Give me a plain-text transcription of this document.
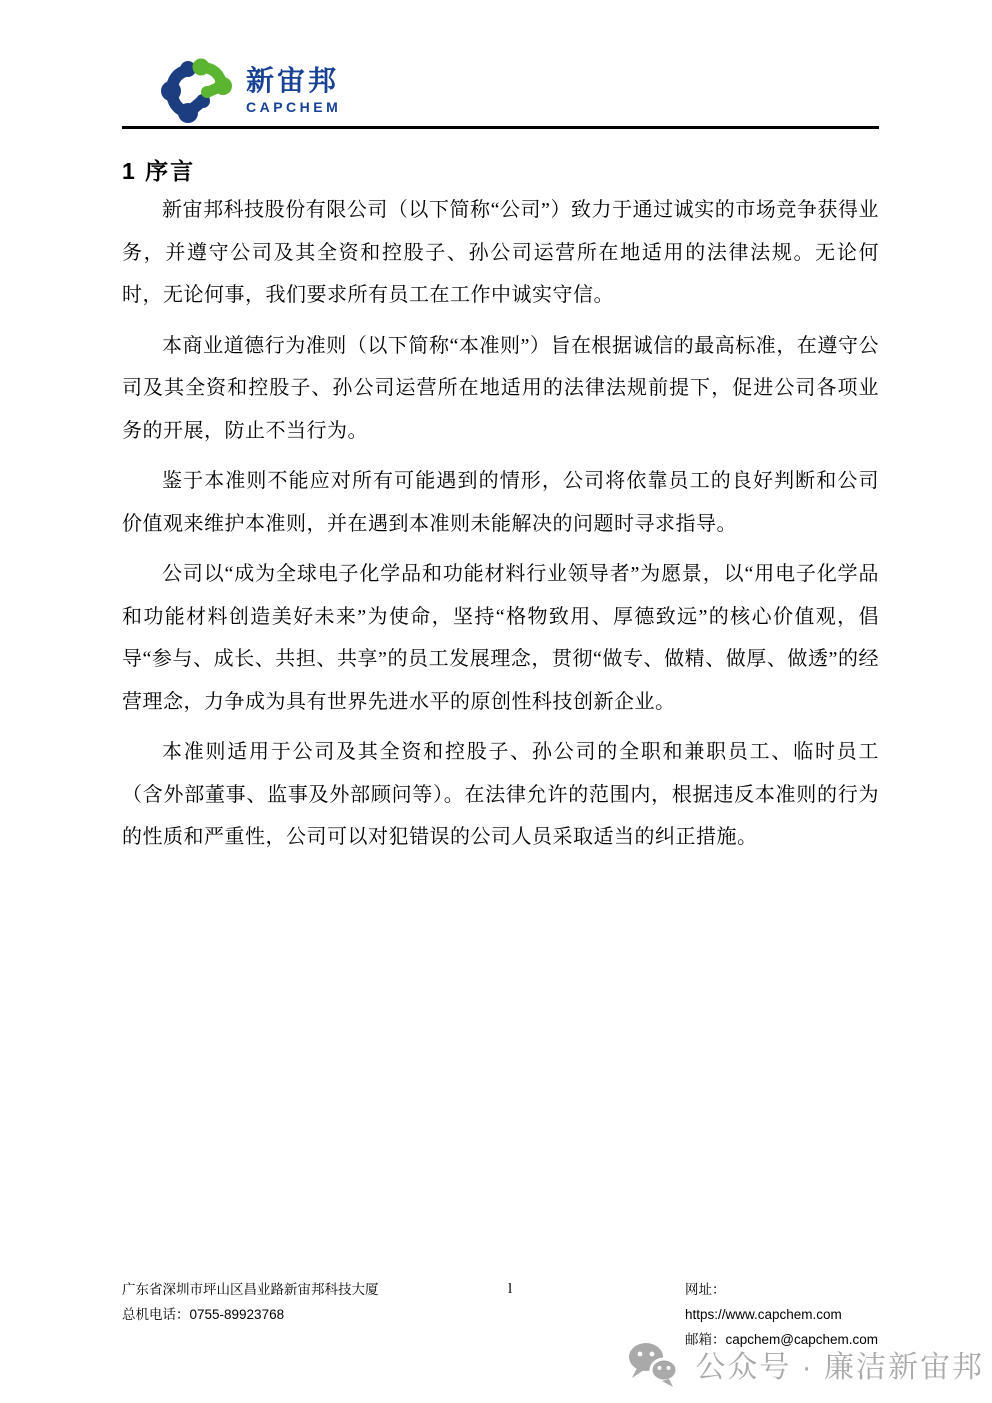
新宙邦
CAPCHEM
1 序言

新宙邦科技股份有限公司（以下简称“公司”）致力于通过诚实的市场竞争获得业务，并遵守公司及其全资和控股子、孙公司运营所在地适用的法律法规。无论何时，无论何事，我们要求所有员工在工作中诚实守信。

本商业道德行为准则（以下简称“本准则”）旨在根据诚信的最高标准，在遵守公司及其全资和控股子、孙公司运营所在地适用的法律法规前提下，促进公司各项业务的开展，防止不当行为。

鉴于本准则不能应对所有可能遇到的情形，公司将依靠员工的良好判断和公司价值观来维护本准则，并在遇到本准则未能解决的问题时寻求指导。

公司以“成为全球电子化学品和功能材料行业领导者”为愿景，以“用电子化学品和功能材料创造美好未来”为使命，坚持“格物致用、厚德致远”的核心价值观，倡导“参与、成长、共担、共享”的员工发展理念，贯彻“做专、做精、做厚、做透”的经营理念，力争成为具有世界先进水平的原创性科技创新企业。

本准则适用于公司及其全资和控股子、孙公司的全职和兼职员工、临时员工（含外部董事、监事及外部顾问等）。在法律允许的范围内，根据违反本准则的行为的性质和严重性，公司可以对犯错误的公司人员采取适当的纠正措施。

广东省深圳市坪山区昌业路新宙邦科技大厦
总机电话：0755-89923768
l	网址：https://www.capchem.com
邮箱：capchem@capchem.com
公众号 · 廉洁新宙邦
